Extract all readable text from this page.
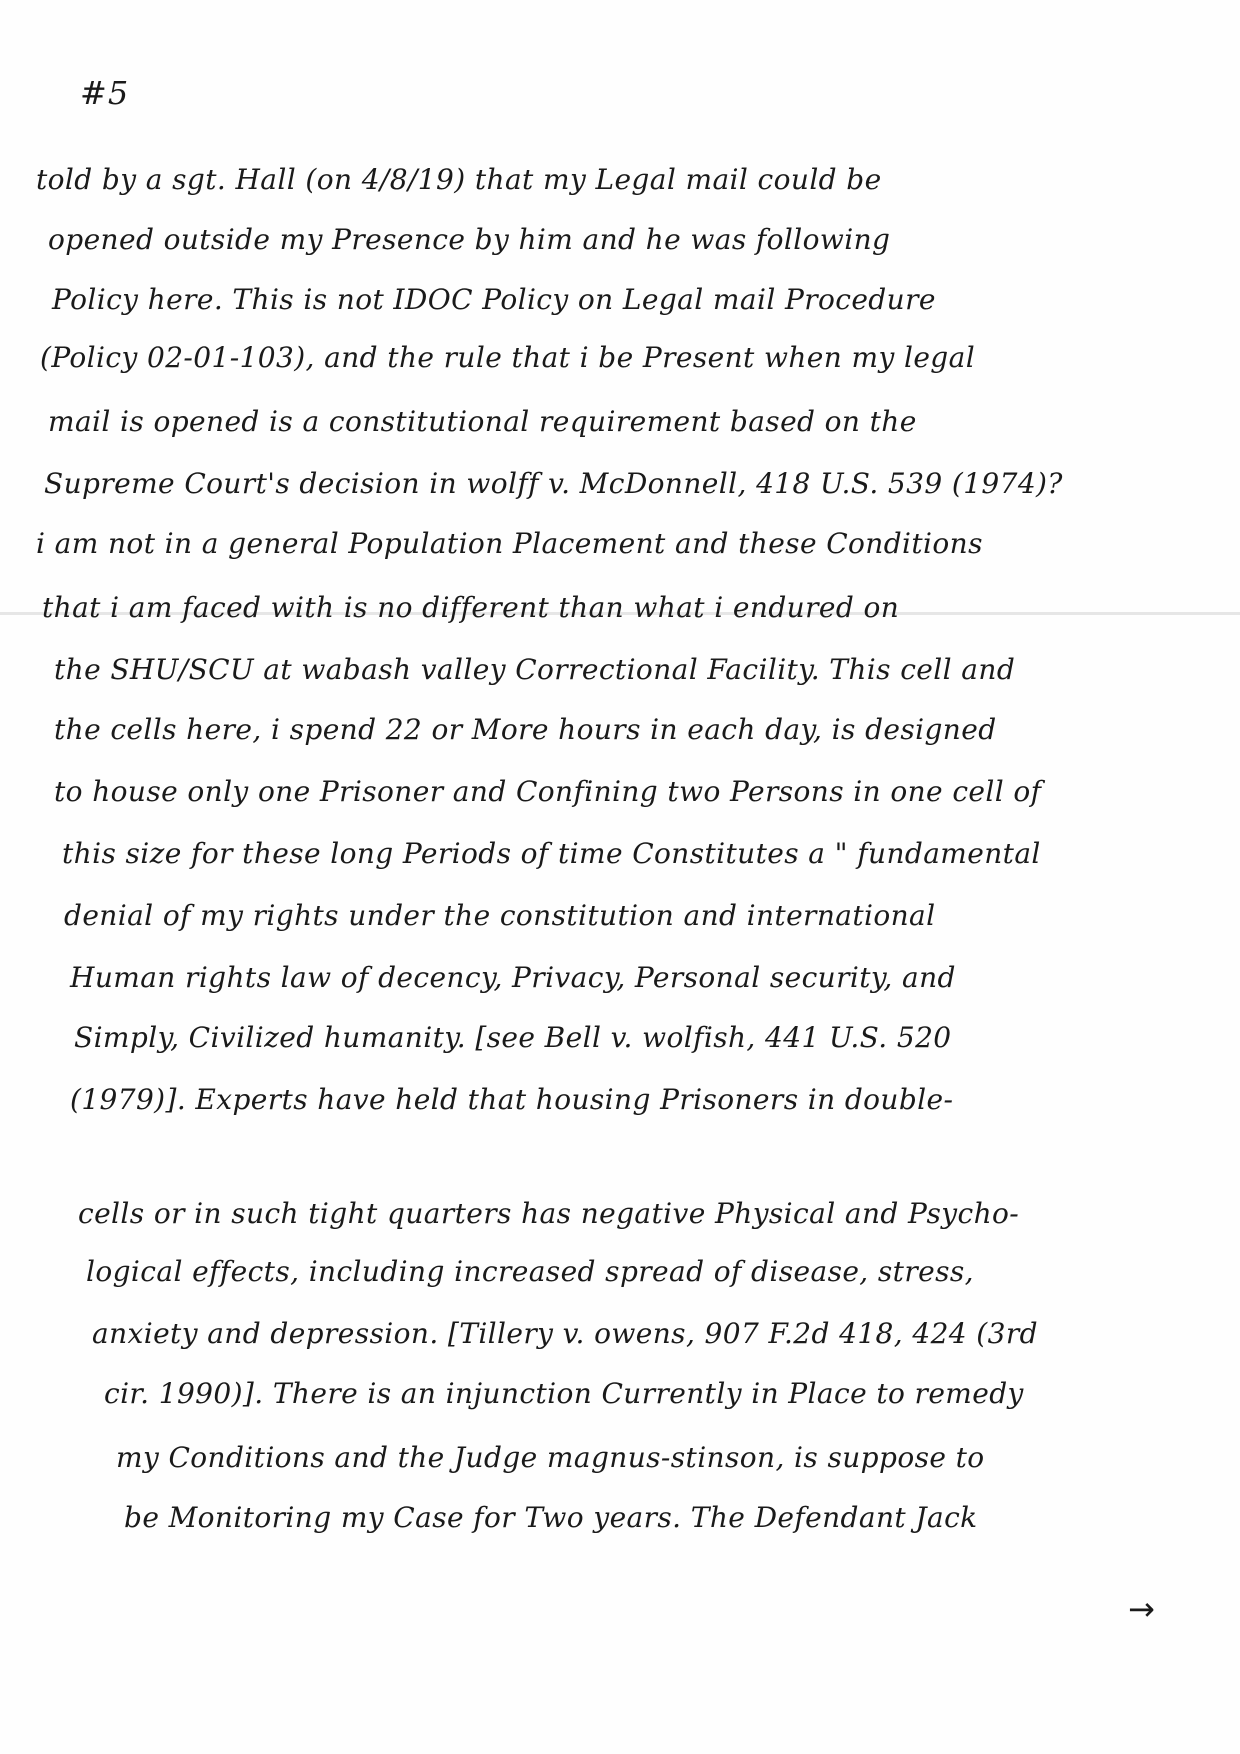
#5
told by a sgt. Hall (on 4/8/19) that my Legal mail could be
opened outside my Presence by him and he was following
Policy here. This is not IDOC Policy on Legal mail Procedure
(Policy 02-01-103), and the rule that i be Present when my legal
mail is opened is a constitutional requirement based on the
Supreme Court's decision in wolff v. McDonnell, 418 U.S. 539 (1974)?
i am not in a general Population Placement and these Conditions
that i am faced with is no different than what i endured on
the SHU/SCU at wabash valley Correctional Facility. This cell and
the cells here, i spend 22 or More hours in each day, is designed
to house only one Prisoner and Confining two Persons in one cell of
this size for these long Periods of time Constitutes a " fundamental
denial of my rights under the constitution and international
Human rights law of decency, Privacy, Personal security, and
Simply, Civilized humanity. [see Bell v. wolfish, 441 U.S. 520
(1979)]. Experts have held that housing Prisoners in double-
cells or in such tight quarters has negative Physical and Psycho-
logical effects, including increased spread of disease, stress,
anxiety and depression. [Tillery v. owens, 907 F.2d 418, 424 (3rd
cir. 1990)]. There is an injunction Currently in Place to remedy
my Conditions and the Judge magnus-stinson, is suppose to
be Monitoring my Case for Two years. The Defendant Jack
→
